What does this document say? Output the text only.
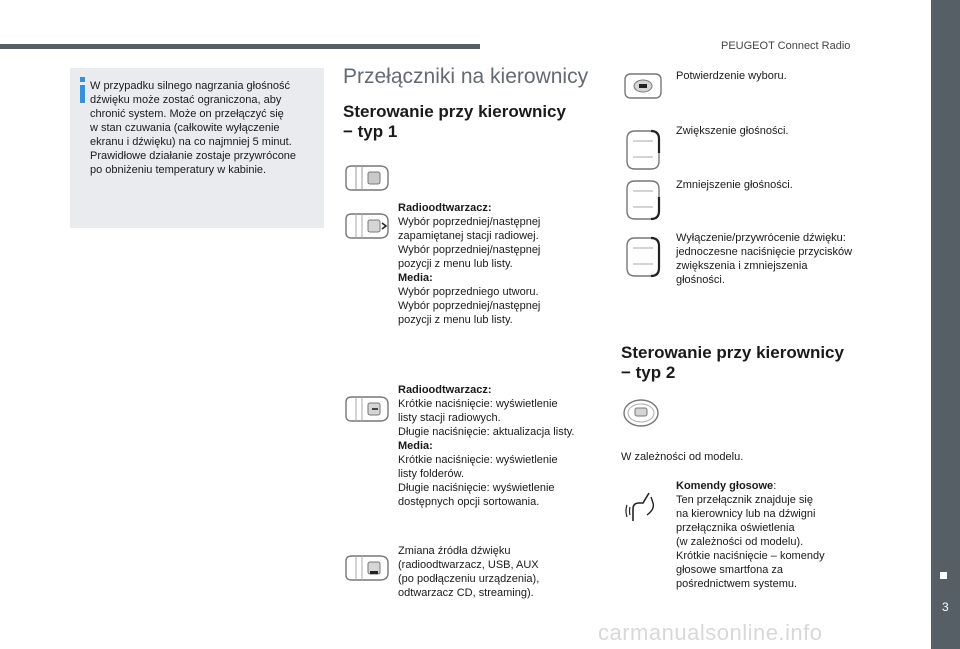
PEUGEOT Connect Radio
3
W przypadku silnego nagrzania głośność
dźwięku może zostać ograniczona, aby
chronić system. Może on przełączyć się
w stan czuwania (całkowite wyłączenie
ekranu i dźwięku) na co najmniej 5 minut.
Prawidłowe działanie zostaje przywrócone
po obniżeniu temperatury w kabinie.
Przełączniki na kierownicy
Sterowanie przy kierownicy
− typ 1
Radioodtwarzacz:
Wybór poprzedniej/następnej
zapamiętanej stacji radiowej.
Wybór poprzedniej/następnej
pozycji z menu lub listy.
Media:
Wybór poprzedniego utworu.
Wybór poprzedniej/następnej
pozycji z menu lub listy.
Radioodtwarzacz:
Krótkie naciśnięcie: wyświetlenie
listy stacji radiowych.
Długie naciśnięcie: aktualizacja listy.
Media:
Krótkie naciśnięcie: wyświetlenie
listy folderów.
Długie naciśnięcie: wyświetlenie
dostępnych opcji sortowania.
Zmiana źródła dźwięku
(radioodtwarzacz, USB, AUX
(po podłączeniu urządzenia),
odtwarzacz CD, streaming).
Potwierdzenie wyboru.
Zwiększenie głośności.
Zmniejszenie głośności.
Wyłączenie/przywrócenie dźwięku:
jednoczesne naciśnięcie przycisków
zwiększenia i zmniejszenia
głośności.
Sterowanie przy kierownicy
− typ 2
W zależności od modelu.
Komendy głosowe:
Ten przełącznik znajduje się
na kierownicy lub na dźwigni
przełącznika oświetlenia
(w zależności od modelu).
Krótkie naciśnięcie – komendy
głosowe smartfona za
pośrednictwem systemu.
carmanualsonline.info
